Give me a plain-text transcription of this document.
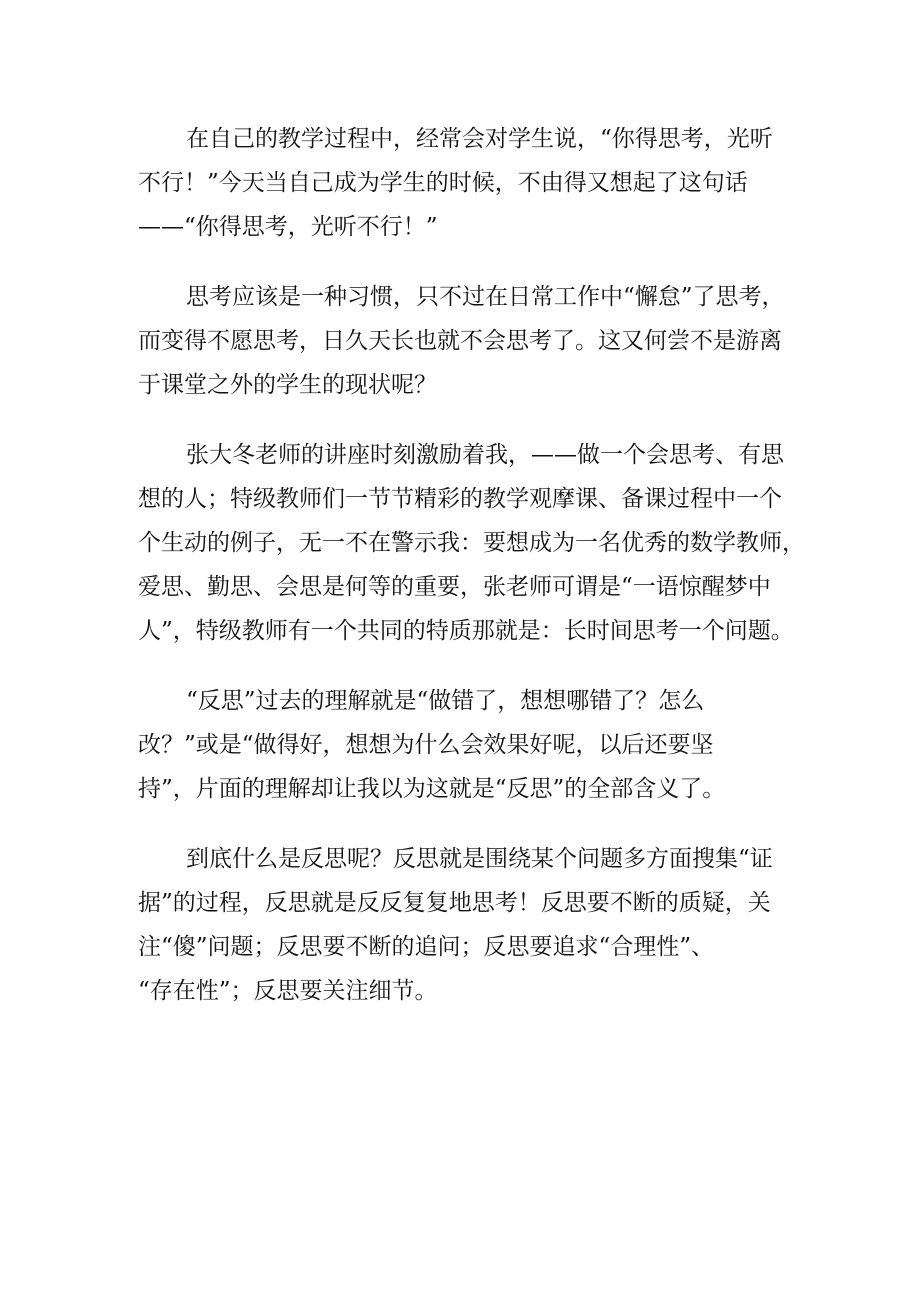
在自己的教学过程中，经常会对学生说，“你得思考，光听
不行！”今天当自己成为学生的时候，不由得又想起了这句话
——“你得思考，光听不行！”
思考应该是一种习惯，只不过在日常工作中“懈怠”了思考，
而变得不愿思考，日久天长也就不会思考了。这又何尝不是游离
于课堂之外的学生的现状呢？
张大冬老师的讲座时刻激励着我，——做一个会思考、有思
想的人；特级教师们一节节精彩的教学观摩课、备课过程中一个
个生动的例子，无一不在警示我：要想成为一名优秀的数学教师，
爱思、勤思、会思是何等的重要，张老师可谓是“一语惊醒梦中
人”，特级教师有一个共同的特质那就是：长时间思考一个问题。
“反思”过去的理解就是“做错了，想想哪错了？怎么
改？”或是“做得好，想想为什么会效果好呢，以后还要坚
持”，片面的理解却让我以为这就是“反思”的全部含义了。
到底什么是反思呢？反思就是围绕某个问题多方面搜集“证
据”的过程，反思就是反反复复地思考！反思要不断的质疑，关
注“傻”问题；反思要不断的追问；反思要追求“合理性”、
“存在性”；反思要关注细节。
